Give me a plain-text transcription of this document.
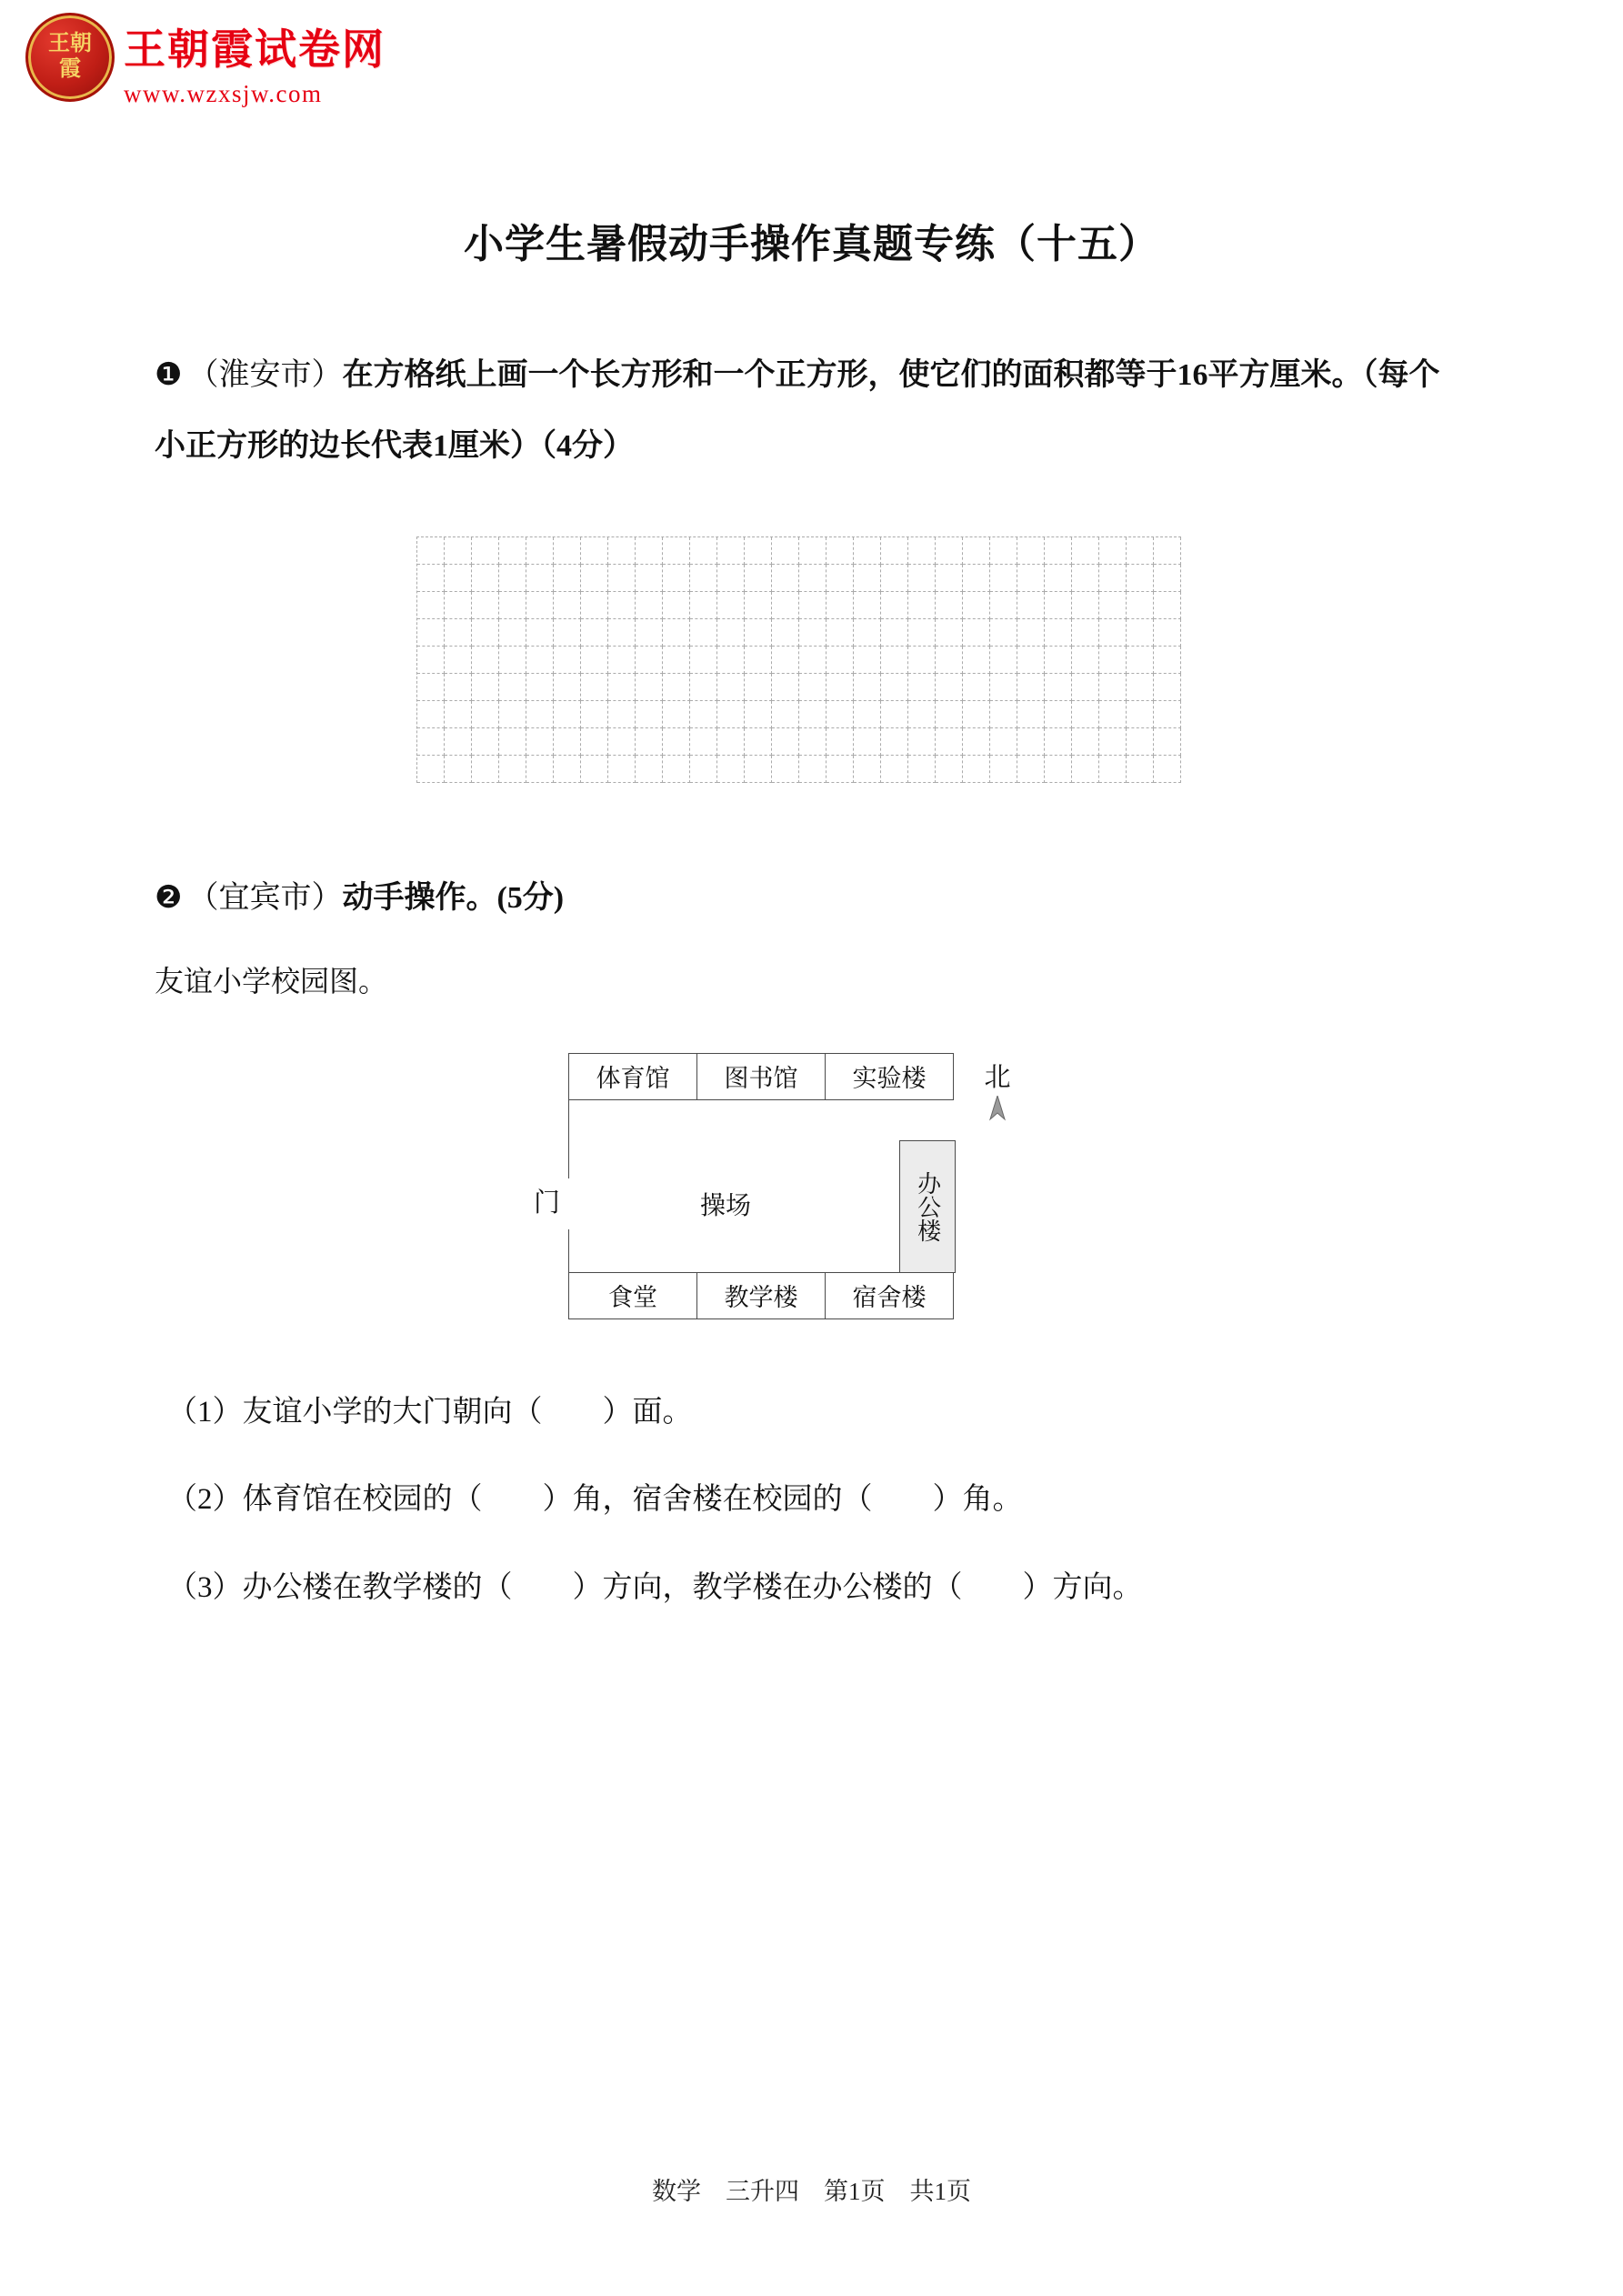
王朝霞	王朝霞试卷网
www.wzxsjw.com
小学生暑假动手操作真题专练（十五）
❶ （淮安市）在方格纸上画一个长方形和一个正方形，使它们的面积都等于16平方厘米。（每个小正方形的边长代表1厘米）（4分）
❷ （宜宾市）动手操作。(5分)
友谊小学校园图。
体育馆	图书馆	实验楼
门	操场	办公楼
食堂	教学楼	宿舍楼
北
（1）友谊小学的大门朝向（　　）面。
（2）体育馆在校园的（　　）角，宿舍楼在校园的（　　）角。
（3）办公楼在教学楼的（　　）方向，教学楼在办公楼的（　　）方向。
数学　三升四　第1页　共1页
